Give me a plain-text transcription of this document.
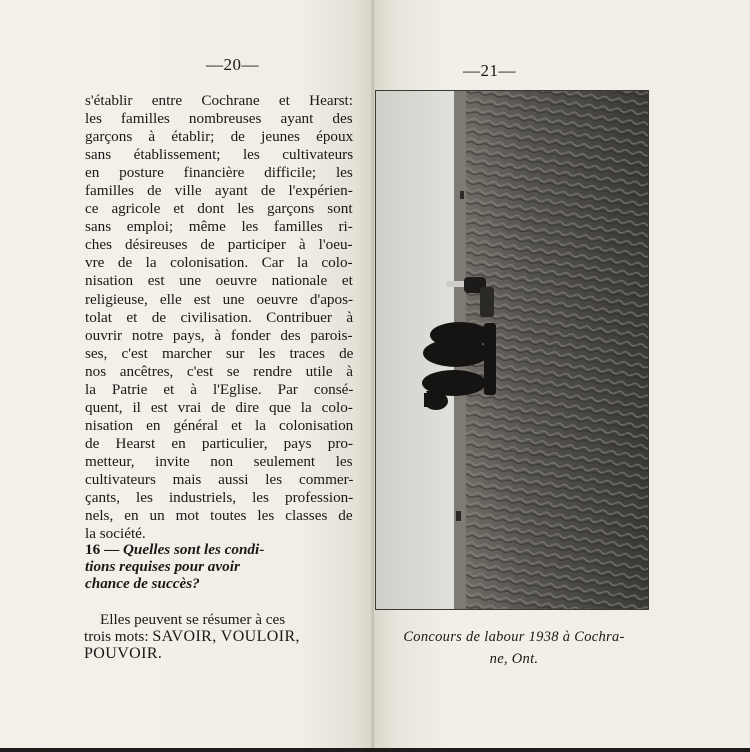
—20—
s'établir entre Cochrane et Hearst:
les familles nombreuses ayant des
garçons à établir; de jeunes époux
sans établissement; les cultivateurs
en posture financière difficile; les
familles de ville ayant de l'expérien-
ce agricole et dont les garçons sont
sans emploi; même les familles ri-
ches désireuses de participer à l'oeu-
vre de la colonisation. Car la colo-
nisation est une oeuvre nationale et
religieuse, elle est une oeuvre d'apos-
tolat et de civilisation. Contribuer à
ouvrir notre pays, à fonder des parois-
ses, c'est marcher sur les traces de
nos ancêtres, c'est se rendre utile à
la Patrie et à l'Eglise. Par consé-
quent, il est vrai de dire que la colo-
nisation en général et la colonisation
de Hearst en particulier, pays pro-
metteur, invite non seulement les
cultivateurs mais aussi les commer-
çants, les industriels, les profession-
nels, en un mot toutes les classes de
la société.
16 — Quelles sont les condi-
tions requises pour avoir
chance de succès?
Elles peuvent se résumer à ces
trois mots: SAVOIR, VOULOIR,
POUVOIR.
—21—
Concours de labour 1938 à Cochra-
ne, Ont.
